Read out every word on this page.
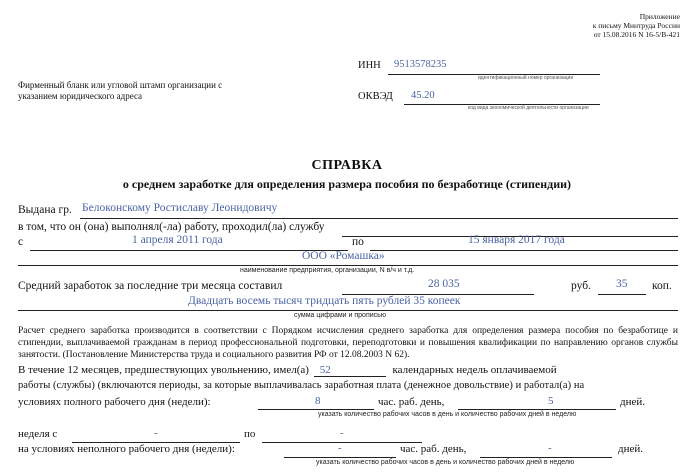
Приложение
к письму Минтруда России
от 15.08.2016 N 16-5/В-421
Фирменный бланк или угловой штамп организации с
указанием юридического адреса
ИНН 9513578235
идентификационный номер организации
ОКВЭД 45.20
код вида экономической деятельности организации
СПРАВКА
о среднем заработке для определения размера пособия по безработице (стипендии)
Выдана гр. Белоконскому Ростиславу Леонидовичу
в том, что он (она) выполнял(-ла) работу, проходил(ла) службу
с	1 апреля 2011 года	по	15 января 2017 года
ООО «Ромашка»
наименование предприятия, организации, N в/ч и т.д.
Средний заработок за последние три месяца составил	28 035	руб. 35 коп.
Двадцать восемь тысяч тридцать пять рублей 35 копеек
сумма цифрами и прописью
Расчет среднего заработка производится в соответствии с Порядком исчисления среднего заработка для определения размера пособия по безработице и стипендии, выплачиваемой гражданам в период профессиональной подготовки, переподготовки и повышения квалификации по направлению органов службы занятости. (Постановление Министерства труда и социального развития РФ от 12.08.2003 N 62).
В течение 12 месяцев, предшествующих увольнению, имел(а) 52	календарных недель оплачиваемой
работы (службы) (включаются периоды, за которые выплачивалась заработная плата (денежное довольствие) и работал(а) на
условиях полного рабочего дня (недели):	8	час. раб. день,	5	дней.
указать количество рабочих часов в день и количество рабочих дней в неделю
неделя с	-	по	-
на условиях неполного рабочего дня (недели):	-	час. раб. день,	-	дней.
указать количество рабочих часов в день и количество рабочих дней в неделю
